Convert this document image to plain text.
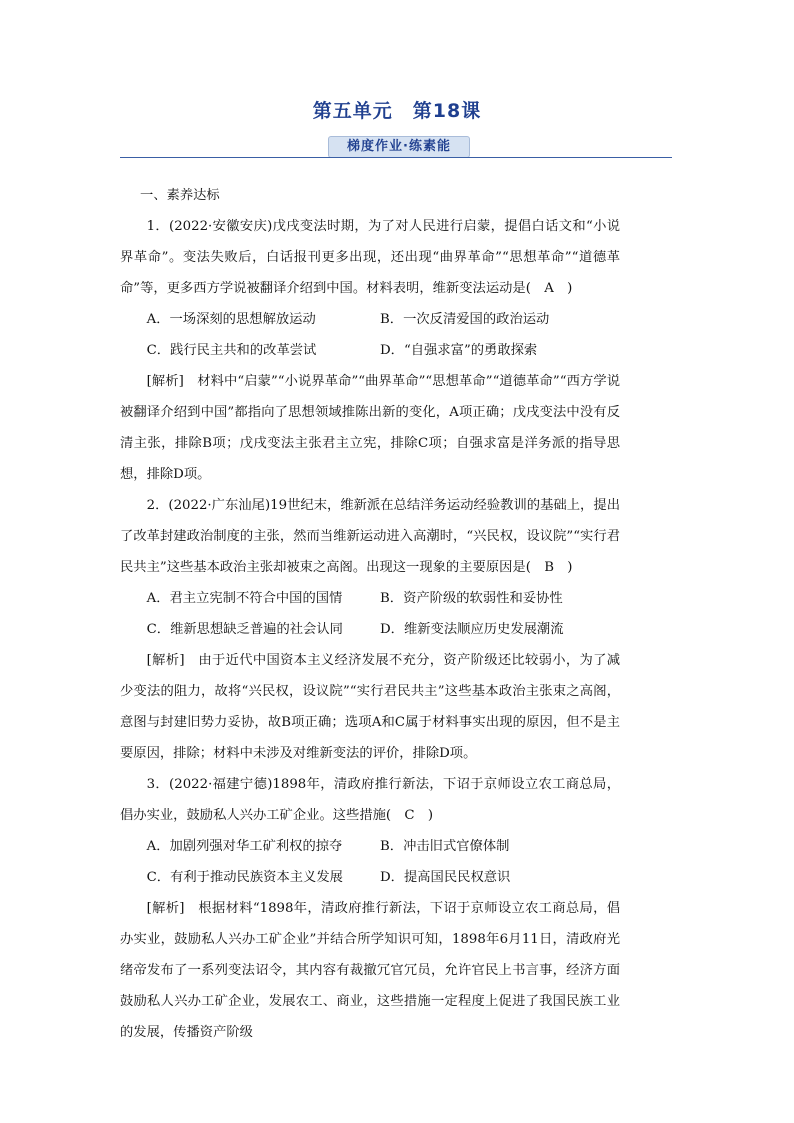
第五单元　第18课
梯度作业·练素能

一、素养达标

1．(2022·安徽安庆)戊戌变法时期，为了对人民进行启蒙，提倡白话文和“小说界革命”。变法失败后，白话报刊更多出现，还出现“曲界革命”“思想革命”“道德革命”等，更多西方学说被翻译介绍到中国。材料表明，维新变法运动是(　A　)

A．一场深刻的思想解放运动	B．一次反清爱国的政治运动
C．践行民主共和的改革尝试	D．“自强求富”的勇敢探索

[解析]　材料中“启蒙”“小说界革命”“曲界革命”“思想革命”“道德革命”“西方学说被翻译介绍到中国”都指向了思想领域推陈出新的变化，A项正确；戊戌变法中没有反清主张，排除B项；戊戌变法主张君主立宪，排除C项；自强求富是洋务派的指导思想，排除D项。

2．(2022·广东汕尾)19世纪末，维新派在总结洋务运动经验教训的基础上，提出了改革封建政治制度的主张，然而当维新运动进入高潮时，“兴民权，设议院”“实行君民共主”这些基本政治主张却被束之高阁。出现这一现象的主要原因是(　B　)

A．君主立宪制不符合中国的国情	B．资产阶级的软弱性和妥协性
C．维新思想缺乏普遍的社会认同	D．维新变法顺应历史发展潮流

[解析]　由于近代中国资本主义经济发展不充分，资产阶级还比较弱小，为了减少变法的阻力，故将“兴民权，设议院”“实行君民共主”这些基本政治主张束之高阁，意图与封建旧势力妥协，故B项正确；选项A和C属于材料事实出现的原因，但不是主要原因，排除；材料中未涉及对维新变法的评价，排除D项。

3．(2022·福建宁德)1898年，清政府推行新法，下诏于京师设立农工商总局，倡办实业，鼓励私人兴办工矿企业。这些措施(　C　)

A．加剧列强对华工矿利权的掠夺	B．冲击旧式官僚体制
C．有利于推动民族资本主义发展	D．提高国民民权意识

[解析]　根据材料“1898年，清政府推行新法，下诏于京师设立农工商总局，倡办实业，鼓励私人兴办工矿企业”并结合所学知识可知，1898年6月11日，清政府光绪帝发布了一系列变法诏令，其内容有裁撤冗官冗员，允许官民上书言事，经济方面鼓励私人兴办工矿企业，发展农工、商业，这些措施一定程度上促进了我国民族工业的发展，传播资产阶级
